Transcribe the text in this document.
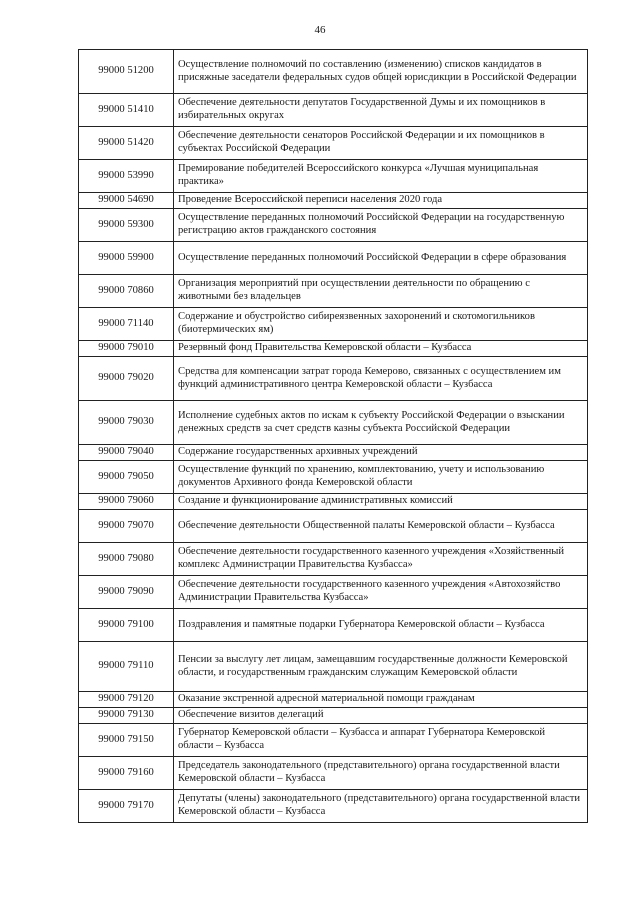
46
99000 51200	Осуществление полномочий по составлению (изменению) списков кандидатов в присяжные заседатели федеральных судов общей юрисдикции в Российской Федерации
99000 51410	Обеспечение деятельности депутатов Государственной Думы и их помощников в избирательных округах
99000 51420	Обеспечение деятельности сенаторов Российской Федерации и их помощников в субъектах Российской Федерации
99000 53990	Премирование победителей Всероссийского конкурса «Лучшая муниципальная практика»
99000 54690	Проведение Всероссийской переписи населения 2020 года
99000 59300	Осуществление переданных полномочий Российской Федерации на государственную регистрацию актов гражданского состояния
99000 59900	Осуществление переданных полномочий Российской Федерации в сфере образования
99000 70860	Организация мероприятий при осуществлении деятельности по обращению с животными без владельцев
99000 71140	Содержание и обустройство сибиреязвенных захоронений и скотомогильников (биотермических ям)
99000 79010	Резервный фонд Правительства Кемеровской области – Кузбасса
99000 79020	Средства для компенсации затрат города Кемерово, связанных с осуществлением им функций административного центра Кемеровской области – Кузбасса
99000 79030	Исполнение судебных актов по искам к субъекту Российской Федерации о взыскании денежных средств за счет средств казны субъекта Российской Федерации
99000 79040	Содержание государственных архивных учреждений
99000 79050	Осуществление функций по хранению, комплектованию, учету и использованию документов Архивного фонда Кемеровской области
99000 79060	Создание и функционирование административных комиссий
99000 79070	Обеспечение деятельности Общественной палаты Кемеровской области – Кузбасса
99000 79080	Обеспечение деятельности государственного казенного учреждения «Хозяйственный комплекс Администрации Правительства Кузбасса»
99000 79090	Обеспечение деятельности государственного казенного учреждения «Автохозяйство Администрации Правительства Кузбасса»
99000 79100	Поздравления и памятные подарки Губернатора Кемеровской области – Кузбасса
99000 79110	Пенсии за выслугу лет лицам, замещавшим государственные должности Кемеровской области, и государственным гражданским служащим Кемеровской области
99000 79120	Оказание экстренной адресной материальной помощи гражданам
99000 79130	Обеспечение визитов делегаций
99000 79150	Губернатор Кемеровской области – Кузбасса и аппарат Губернатора Кемеровской области – Кузбасса
99000 79160	Председатель законодательного (представительного) органа государственной власти Кемеровской области – Кузбасса
99000 79170	Депутаты (члены) законодательного (представительного) органа государственной власти Кемеровской области – Кузбасса
